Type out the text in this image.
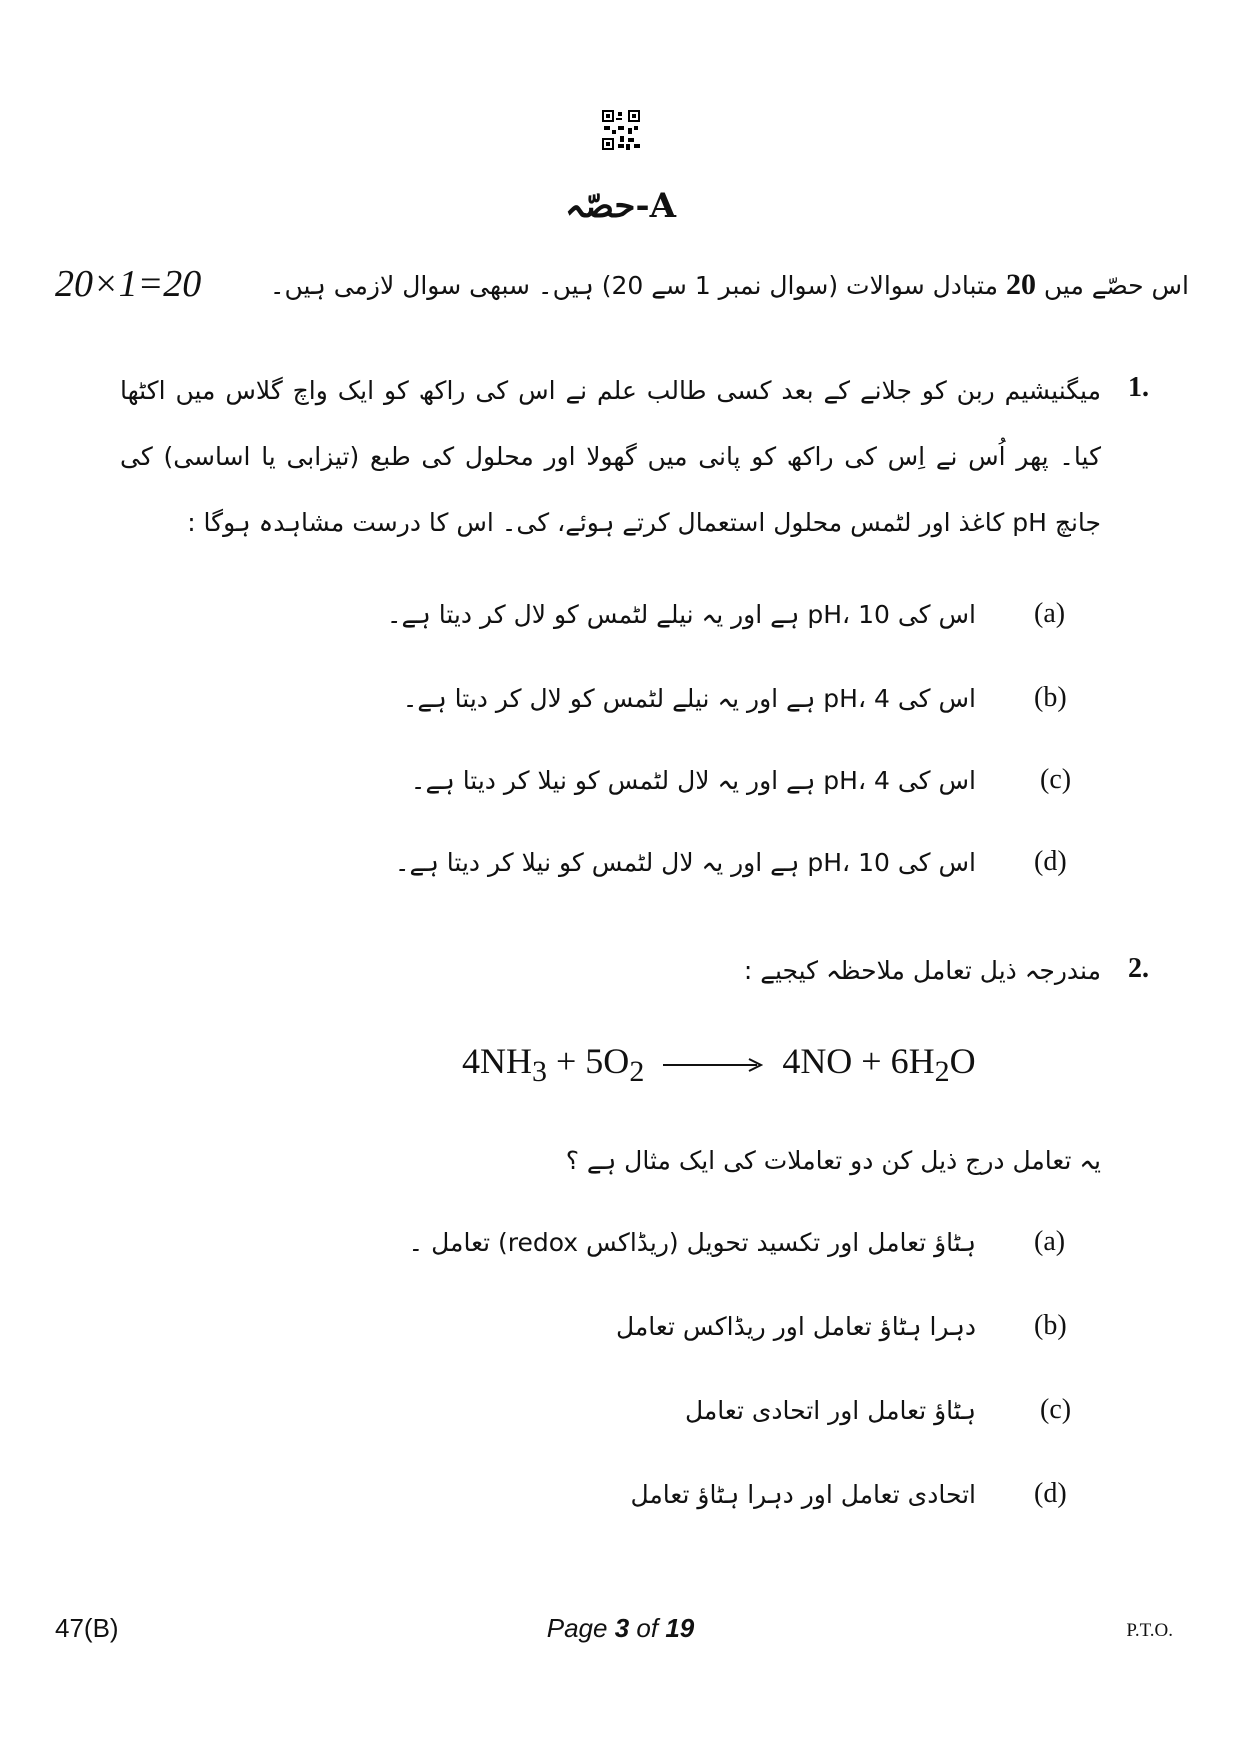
حصّہ-A
20×1=20	اس حصّے میں 20 متبادل سوالات (سوال نمبر 1 سے 20) ہیں۔ سبھی سوال لازمی ہیں۔
1.
میگنیشیم ربن کو جلانے کے بعد کسی طالب علم نے اس کی راکھ کو ایک واچ گلاس میں اکٹھا کیا۔ پھر اُس نے اِس کی راکھ کو پانی میں گھولا اور محلول کی طبع (تیزابی یا اساسی) کی جانچ pH کاغذ اور لٹمس محلول استعمال کرتے ہوئے، کی۔ اس کا درست مشاہدہ ہوگا :
(a)
اس کی pH، 10 ہے اور یہ نیلے لٹمس کو لال کر دیتا ہے۔
(b)
اس کی pH، 4 ہے اور یہ نیلے لٹمس کو لال کر دیتا ہے۔
(c)
اس کی pH، 4 ہے اور یہ لال لٹمس کو نیلا کر دیتا ہے۔
(d)
اس کی pH، 10 ہے اور یہ لال لٹمس کو نیلا کر دیتا ہے۔
2.
مندرجہ ذیل تعامل ملاحظہ کیجیے :
$4NH_3 + 5O_2 \to 4NO + 6H_2O$
یہ تعامل درج ذیل کن دو تعاملات کی ایک مثال ہے ؟
(a)
ہٹاؤ تعامل اور تکسید تحویل (ریڈاکس redox) تعامل ۔
(b)
دہرا ہٹاؤ تعامل اور ریڈاکس تعامل
(c)
ہٹاؤ تعامل اور اتحادی تعامل
(d)
اتحادی تعامل اور دہرا ہٹاؤ تعامل
47(B)	Page 3 of 19	P.T.O.
